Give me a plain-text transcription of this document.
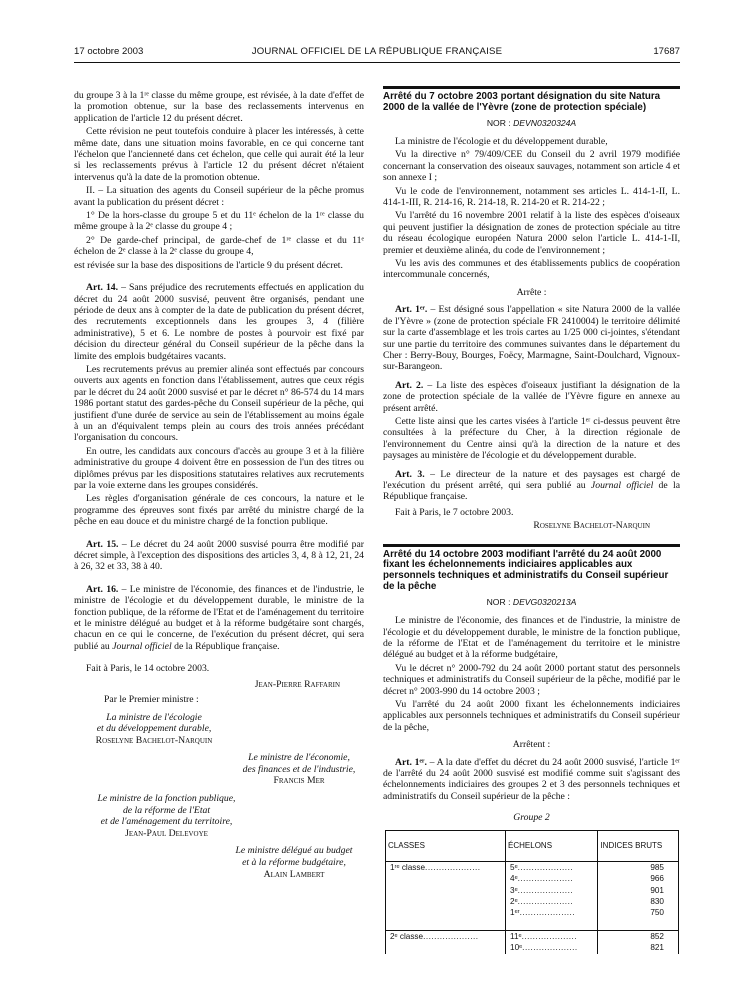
17 octobre 2003	JOURNAL OFFICIEL DE LA RÉPUBLIQUE FRANÇAISE	17687

du groupe 3 à la 1ʳᵉ classe du même groupe, est révisée, à la date d'effet de la promotion obtenue, sur la base des reclassements intervenus en application de l'article 12 du présent décret.

Cette révision ne peut toutefois conduire à placer les intéressés, à cette même date, dans une situation moins favorable, en ce qui concerne tant l'échelon que l'ancienneté dans cet échelon, que celle qui aurait été la leur si les reclassements prévus à l'article 12 du présent décret n'étaient intervenus qu'à la date de la promotion obtenue.

II. – La situation des agents du Conseil supérieur de la pêche promus avant la publication du présent décret :

1° De la hors-classe du groupe 5 et du 11ᵉ échelon de la 1ʳᵉ classe du même groupe à la 2ᵉ classe du groupe 4 ;

2° De garde-chef principal, de garde-chef de 1ʳᵉ classe et du 11ᵉ échelon de 2ᵉ classe à la 2ᵉ classe du groupe 4,

est révisée sur la base des dispositions de l'article 9 du présent décret.

Art. 14. – Sans préjudice des recrutements effectués en application du décret du 24 août 2000 susvisé, peuvent être organisés, pendant une période de deux ans à compter de la date de publication du présent décret, des recrutements exceptionnels dans les groupes 3, 4 (filière administrative), 5 et 6. Le nombre de postes à pourvoir est fixé par décision du directeur général du Conseil supérieur de la pêche dans la limite des emplois budgétaires vacants.

Les recrutements prévus au premier alinéa sont effectués par concours ouverts aux agents en fonction dans l'établissement, autres que ceux régis par le décret du 24 août 2000 susvisé et par le décret n° 86-574 du 14 mars 1986 portant statut des gardes-pêche du Conseil supérieur de la pêche, qui justifient d'une durée de service au sein de l'établissement au moins égale à un an d'équivalent temps plein au cours des trois années précédant l'organisation du concours.

En outre, les candidats aux concours d'accès au groupe 3 et à la filière administrative du groupe 4 doivent être en possession de l'un des titres ou diplômes prévus par les dispositions statutaires relatives aux recrutements par la voie externe dans les groupes considérés.

Les règles d'organisation générale de ces concours, la nature et le programme des épreuves sont fixés par arrêté du ministre chargé de la pêche en eau douce et du ministre chargé de la fonction publique.

Art. 15. – Le décret du 24 août 2000 susvisé pourra être modifié par décret simple, à l'exception des dispositions des articles 3, 4, 8 à 12, 21, 24 à 26, 32 et 33, 38 à 40.

Art. 16. – Le ministre de l'économie, des finances et de l'industrie, le ministre de l'écologie et du développement durable, le ministre de la fonction publique, de la réforme de l'Etat et de l'aménagement du territoire et le ministre délégué au budget et à la réforme budgétaire sont chargés, chacun en ce qui le concerne, de l'exécution du présent décret, qui sera publié au Journal officiel de la République française.

Fait à Paris, le 14 octobre 2003.

Jean-Pierre Raffarin

Par le Premier ministre :

La ministre de l'écologie
et du développement durable,
Roselyne Bachelot-Narquin
Le ministre de l'économie,
des finances et de l'industrie,
Francis Mer
Le ministre de la fonction publique,
de la réforme de l'Etat
et de l'aménagement du territoire,
Jean-Paul Delevoye
Le ministre délégué au budget
et à la réforme budgétaire,
Alain Lambert
Arrêté du 7 octobre 2003 portant désignation du site Natura 2000 de la vallée de l'Yèvre (zone de protection spéciale)
NOR : DEVN0320324A

La ministre de l'écologie et du développement durable,

Vu la directive n° 79/409/CEE du Conseil du 2 avril 1979 modifiée concernant la conservation des oiseaux sauvages, notamment son article 4 et son annexe I ;

Vu le code de l'environnement, notamment ses articles L. 414-1-II, L. 414-1-III, R. 214-16, R. 214-18, R. 214-20 et R. 214-22 ;

Vu l'arrêté du 16 novembre 2001 relatif à la liste des espèces d'oiseaux qui peuvent justifier la désignation de zones de protection spéciale au titre du réseau écologique européen Natura 2000 selon l'article L. 414-1-II, premier et deuxième alinéa, du code de l'environnement ;

Vu les avis des communes et des établissements publics de coopération intercommunale concernés,

Arrête :

Art. 1ᵉʳ. – Est désigné sous l'appellation « site Natura 2000 de la vallée de l'Yèvre » (zone de protection spéciale FR 2410004) le territoire délimité sur la carte d'assemblage et les trois cartes au 1/25 000 ci-jointes, s'étendant sur une partie du territoire des communes suivantes dans le département du Cher : Berry-Bouy, Bourges, Foëcy, Marmagne, Saint-Doulchard, Vignoux-sur-Barangeon.

Art. 2. – La liste des espèces d'oiseaux justifiant la désignation de la zone de protection spéciale de la vallée de l'Yèvre figure en annexe au présent arrêté.

Cette liste ainsi que les cartes visées à l'article 1ᵉʳ ci-dessus peuvent être consultées à la préfecture du Cher, à la direction régionale de l'environnement du Centre ainsi qu'à la direction de la nature et des paysages au ministère de l'écologie et du développement durable.

Art. 3. – Le directeur de la nature et des paysages est chargé de l'exécution du présent arrêté, qui sera publié au Journal officiel de la République française.

Fait à Paris, le 7 octobre 2003.

Roselyne Bachelot-Narquin

Arrêté du 14 octobre 2003 modifiant l'arrêté du 24 août 2000 fixant les échelonnements indiciaires applicables aux personnels techniques et administratifs du Conseil supérieur de la pêche
NOR : DEVG0320213A

Le ministre de l'économie, des finances et de l'industrie, la ministre de l'écologie et du développement durable, le ministre de la fonction publique, de la réforme de l'Etat et de l'aménagement du territoire et le ministre délégué au budget et à la réforme budgétaire,

Vu le décret n° 2000-792 du 24 août 2000 portant statut des personnels techniques et administratifs du Conseil supérieur de la pêche, modifié par le décret n° 2003-990 du 14 octobre 2003 ;

Vu l'arrêté du 24 août 2000 fixant les échelonnements indiciaires applicables aux personnels techniques et administratifs du Conseil supérieur de la pêche,

Arrêtent :

Art. 1ᵉʳ. – A la date d'effet du décret du 24 août 2000 susvisé, l'article 1ᵉʳ de l'arrêté du 24 août 2000 susvisé est modifié comme suit s'agissant des échelonnements indiciaires des groupes 2 et 3 des personnels techniques et administratifs du Conseil supérieur de la pêche :

Groupe 2
CLASSES	ÉCHELONS	INDICES BRUTS
1ʳᵉ classe....................	5ᵉ....................	985
	4ᵉ....................	966
	3ᵉ....................	901
	2ᵉ....................	830
	1ᵉʳ....................	750

2ᵉ classe....................	11ᵉ....................	852
	10ᵉ....................	821
